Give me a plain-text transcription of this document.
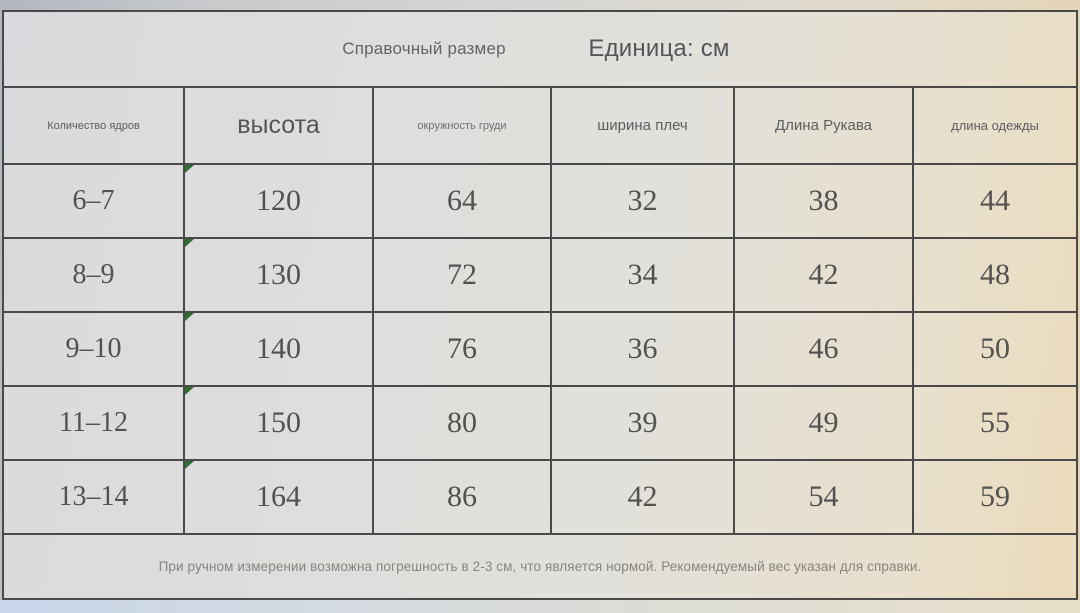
Справочный размер	Единица: см
Количество ядров	высота	окружность груди	ширина плеч	Длина Рукава	длина одежды
6–7	120	64	32	38	44
8–9	130	72	34	42	48
9–10	140	76	36	46	50
11–12	150	80	39	49	55
13–14	164	86	42	54	59
При ручном измерении возможна погрешность в 2-3 см, что является нормой. Рекомендуемый вес указан для справки.
